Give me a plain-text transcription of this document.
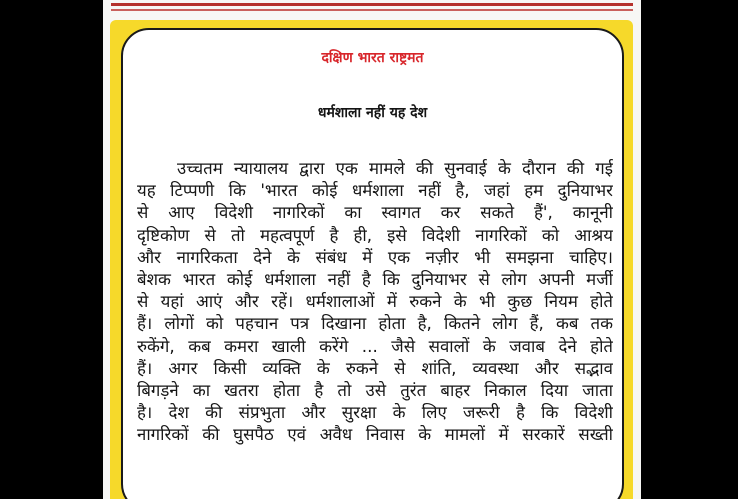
दक्षिण भारत राष्ट्रमत
धर्मशाला नहीं यह देश
उच्चतम न्यायालय द्वारा एक मामले की सुनवाई के दौरान की गई
यह टिप्पणी कि 'भारत कोई धर्मशाला नहीं है, जहां हम दुनियाभर
से आए विदेशी नागरिकों का स्वागत कर सकते हैं', कानूनी
दृष्टिकोण से तो महत्वपूर्ण है ही, इसे विदेशी नागरिकों को आश्रय
और नागरिकता देने के संबंध में एक नज़ीर भी समझना चाहिए।
बेशक भारत कोई धर्मशाला नहीं है कि दुनियाभर से लोग अपनी मर्जी
से यहां आएं और रहें। धर्मशालाओं में रुकने के भी कुछ नियम होते
हैं। लोगों को पहचान पत्र दिखाना होता है, कितने लोग हैं, कब तक
रुकेंगे, कब कमरा खाली करेंगे ... जैसे सवालों के जवाब देने होते
हैं। अगर किसी व्यक्ति के रुकने से शांति, व्यवस्था और सद्भाव
बिगड़ने का खतरा होता है तो उसे तुरंत बाहर निकाल दिया जाता
है। देश की संप्रभुता और सुरक्षा के लिए जरूरी है कि विदेशी
नागरिकों की घुसपैठ एवं अवैध निवास के मामलों में सरकारें सख्ती
